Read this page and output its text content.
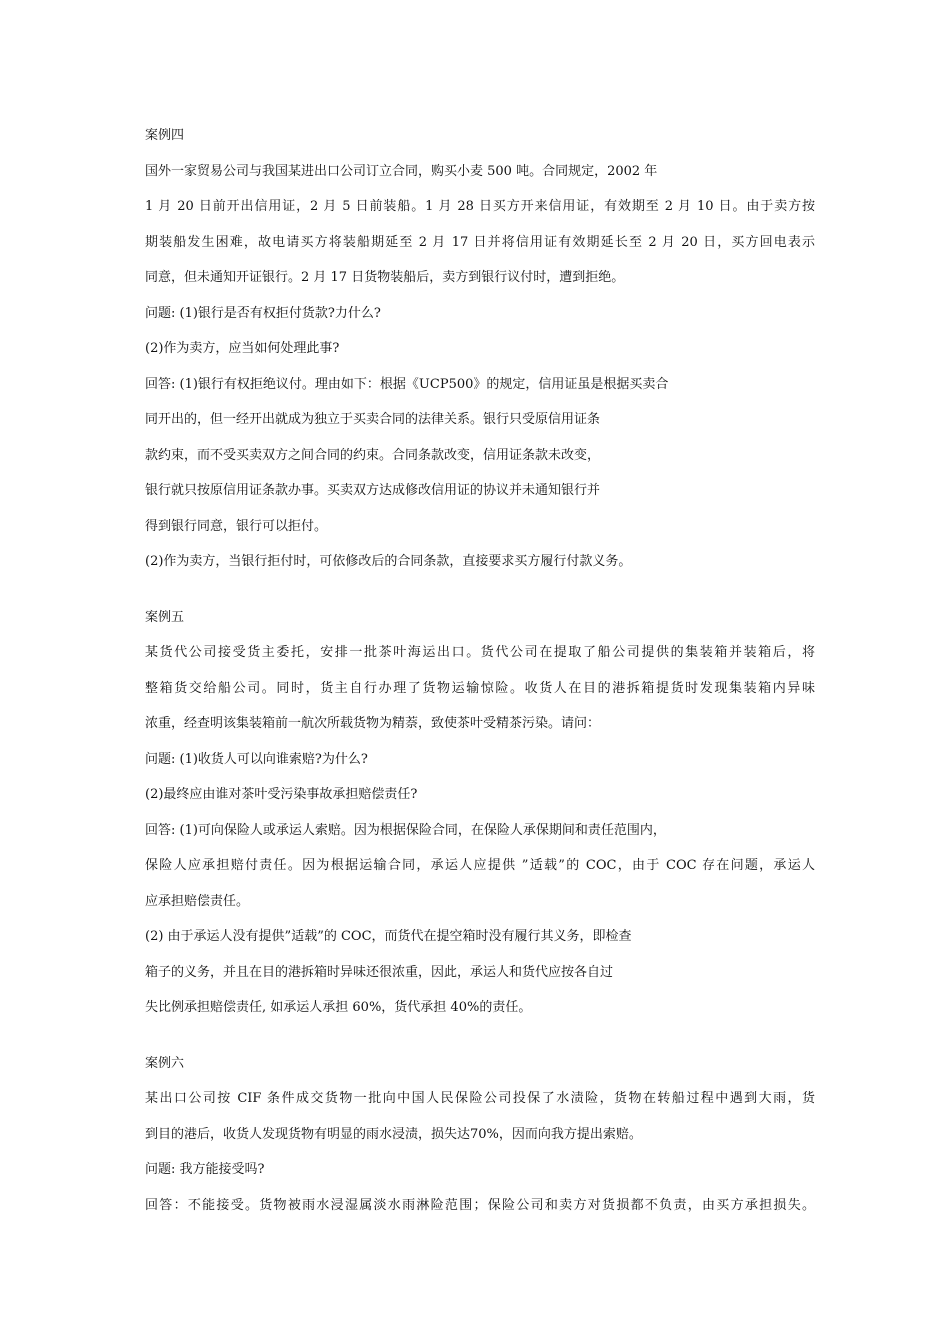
案例四
国外一家贸易公司与我国某进出口公司订立合同，购买小麦 500 吨。合同规定，2002 年
1 月 20 日前开出信用证，2 月 5 日前装船。1 月 28 日买方开来信用证，有效期至 2 月 10 日。由于卖方按
期装船发生困难，故电请买方将装船期延至 2 月 17 日并将信用证有效期延长至 2 月 20 日，买方回电表示
同意，但未通知开证银行。2 月 17 日货物装船后，卖方到银行议付时，遭到拒绝。
问题: (1)银行是否有权拒付货款?力什么?
(2)作为卖方，应当如何处理此事?
回答: (1)银行有权拒绝议付。理由如下：根据《UCP500》的规定，信用证虽是根据买卖合
同开出的，但一经开出就成为独立于买卖合同的法律关系。银行只受原信用证条
款约束，而不受买卖双方之间合同的约束。合同条款改变，信用证条款未改变，
银行就只按原信用证条款办事。买卖双方达成修改信用证的协议并未通知银行并
得到银行同意，银行可以拒付。
(2)作为卖方，当银行拒付时，可依修改后的合同条款，直接要求买方履行付款义务。
案例五
某货代公司接受货主委托，安排一批茶叶海运出口。货代公司在提取了船公司提供的集装箱并装箱后，将
整箱货交给船公司。同时，货主自行办理了货物运输惊险。收货人在目的港拆箱提货时发现集装箱内异味
浓重，经查明该集装箱前一航次所载货物为精萘，致使茶叶受精茶污染。请问：
问题: (1)收货人可以向谁索赔?为什么?
(2)最终应由谁对茶叶受污染事故承担赔偿责任?
回答: (1)可向保险人或承运人索赔。因为根据保险合同，在保险人承保期间和责任范围内，
保险人应承担赔付责任。因为根据运输合同，承运人应提供 ”适载”的 COC，由于 COC 存在问题，承运人
应承担赔偿责任。
(2) 由于承运人没有提供”适载”的 COC，而货代在提空箱时没有履行其义务，即检查
箱子的义务，并且在目的港拆箱时异味还很浓重，因此，承运人和货代应按各自过
失比例承担赔偿责任, 如承运人承担 60%，货代承担 40%的责任。
案例六
某出口公司按 CIF 条件成交货物一批向中国人民保险公司投保了水渍险，货物在转船过程中遇到大雨，货
到目的港后，收货人发现货物有明显的雨水浸渍，损失达70%，因而向我方提出索赔。
问题: 我方能接受吗?
回答：不能接受。货物被雨水浸湿属淡水雨淋险范围；保险公司和卖方对货损都不负责，由买方承担损失。
